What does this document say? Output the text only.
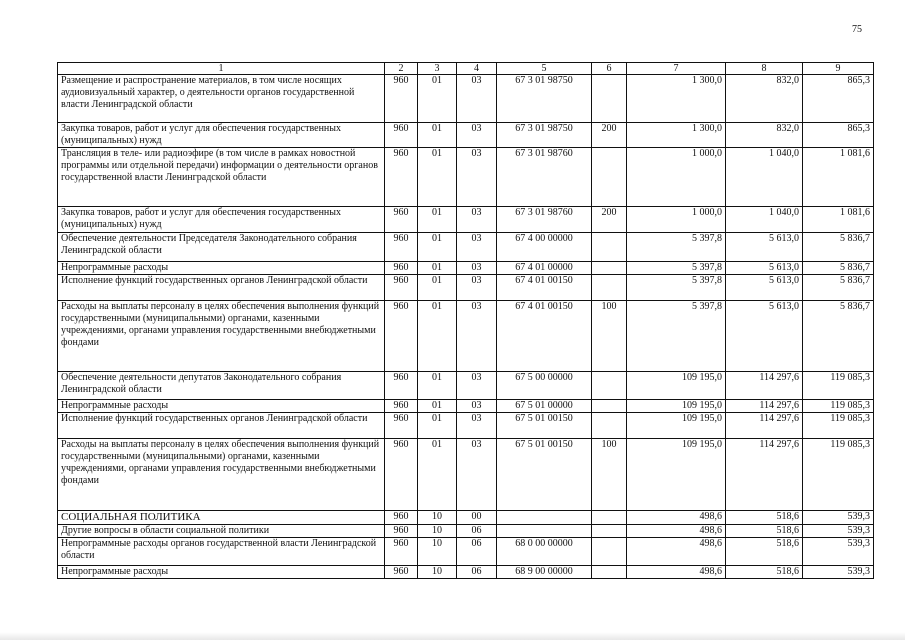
75
1	2	3	4	5	6	7	8	9
Размещение и распространение материалов, в том числе носящих аудиовизуальный характер, о деятельности органов государственной власти Ленинградской области	960	01	03	67 3 01 98750		1 300,0	832,0	865,3
Закупка товаров, работ и услуг для обеспечения государственных (муниципальных) нужд	960	01	03	67 3 01 98750	200	1 300,0	832,0	865,3
Трансляция в теле- или радиоэфире (в том числе в рамках новостной программы или отдельной передачи) информации о деятельности органов государственной власти Ленинградской области	960	01	03	67 3 01 98760		1 000,0	1 040,0	1 081,6
Закупка товаров, работ и услуг для обеспечения государственных (муниципальных) нужд	960	01	03	67 3 01 98760	200	1 000,0	1 040,0	1 081,6
Обеспечение деятельности Председателя Законодательного собрания Ленинградской области	960	01	03	67 4 00 00000		5 397,8	5 613,0	5 836,7
Непрограммные расходы	960	01	03	67 4 01 00000		5 397,8	5 613,0	5 836,7
Исполнение функций государственных органов Ленинградской области	960	01	03	67 4 01 00150		5 397,8	5 613,0	5 836,7
Расходы на выплаты персоналу в целях обеспечения выполнения функций государственными (муниципальными) органами, казенными учреждениями, органами управления государственными внебюджетными фондами	960	01	03	67 4 01 00150	100	5 397,8	5 613,0	5 836,7
Обеспечение деятельности депутатов Законодательного собрания Ленинградской области	960	01	03	67 5 00 00000		109 195,0	114 297,6	119 085,3
Непрограммные расходы	960	01	03	67 5 01 00000		109 195,0	114 297,6	119 085,3
Исполнение функций государственных органов Ленинградской области	960	01	03	67 5 01 00150		109 195,0	114 297,6	119 085,3
Расходы на выплаты персоналу в целях обеспечения выполнения функций государственными (муниципальными) органами, казенными учреждениями, органами управления государственными внебюджетными фондами	960	01	03	67 5 01 00150	100	109 195,0	114 297,6	119 085,3
СОЦИАЛЬНАЯ ПОЛИТИКА	960	10	00			498,6	518,6	539,3
Другие вопросы в области социальной политики	960	10	06			498,6	518,6	539,3
Непрограммные расходы органов государственной власти Ленинградской области	960	10	06	68 0 00 00000		498,6	518,6	539,3
Непрограммные расходы	960	10	06	68 9 00 00000		498,6	518,6	539,3
